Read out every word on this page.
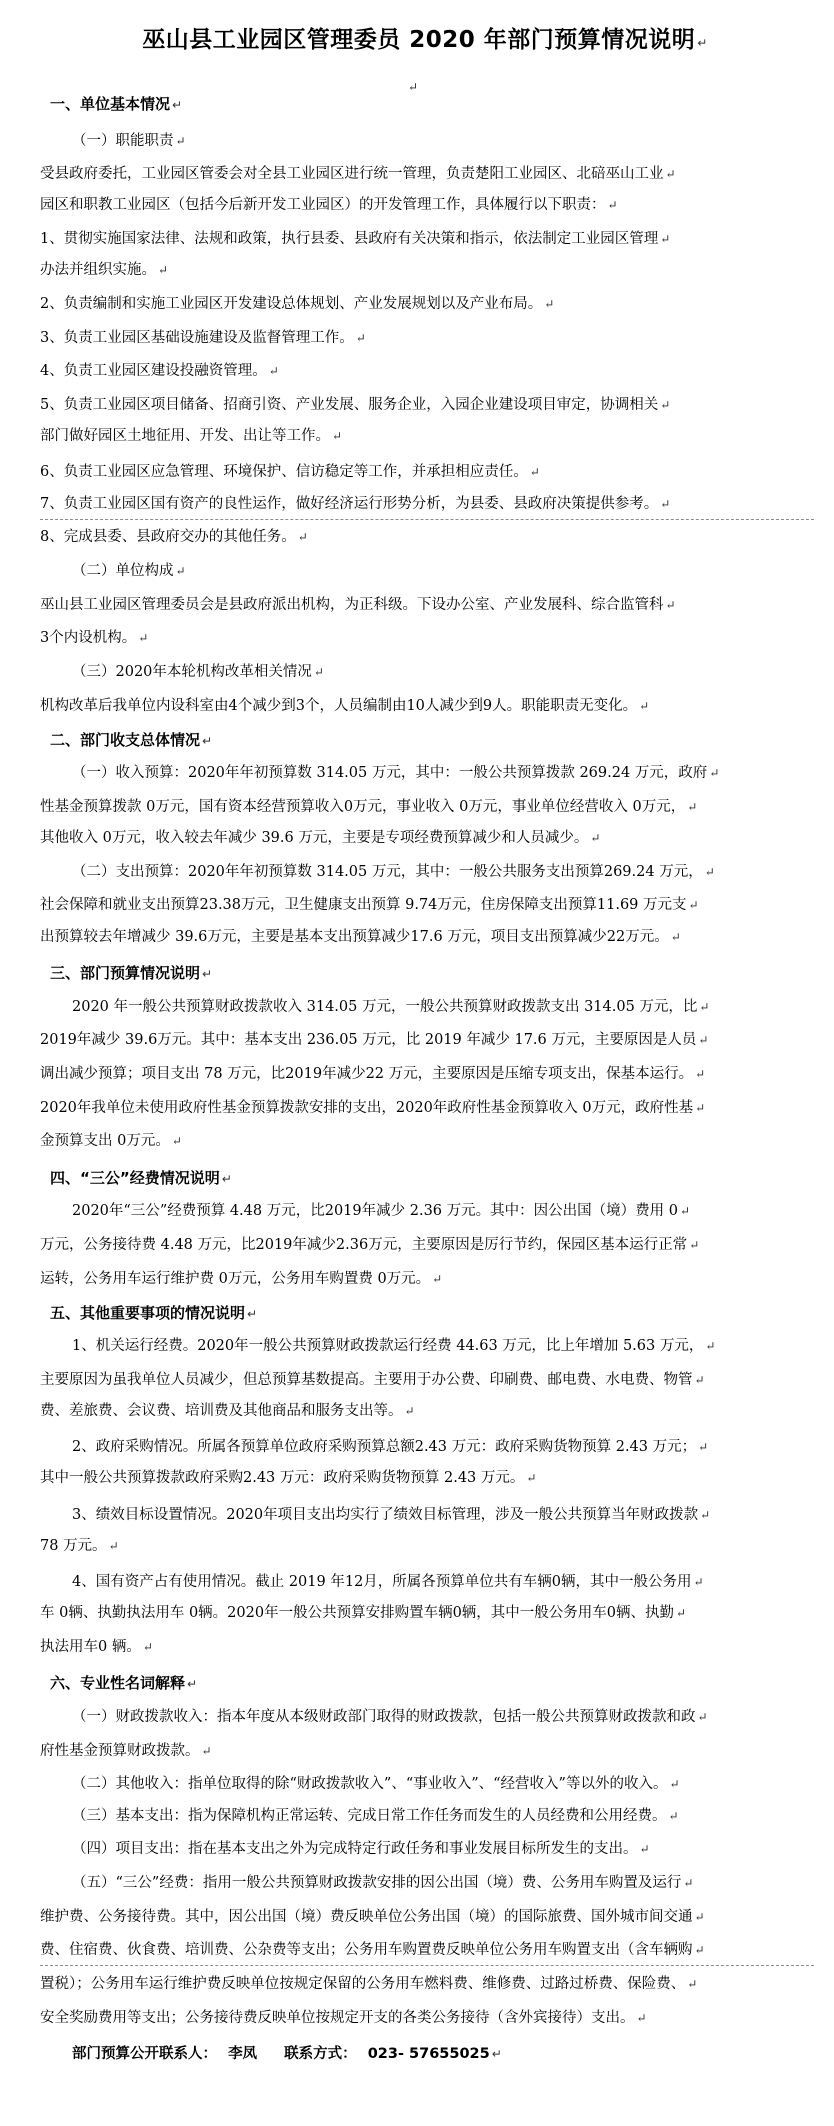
巫山县工业园区管理委员 2020 年部门预算情况说明 ↵
↵
一、单位基本情况 ↵
（一）职能职责 ↵
受县政府委托，工业园区管委会对全县工业园区进行统一管理，负责楚阳工业园区、北碚巫山工业 ↵
园区和职教工业园区（包括今后新开发工业园区）的开发管理工作，具体履行以下职责： ↵
1、贯彻实施国家法律、法规和政策，执行县委、县政府有关决策和指示，依法制定工业园区管理 ↵
办法并组织实施。 ↵
2、负责编制和实施工业园区开发建设总体规划、产业发展规划以及产业布局。 ↵
3、负责工业园区基础设施建设及监督管理工作。 ↵
4、负责工业园区建设投融资管理。 ↵
5、负责工业园区项目储备、招商引资、产业发展、服务企业，入园企业建设项目审定，协调相关 ↵
部门做好园区土地征用、开发、出让等工作。 ↵
6、负责工业园区应急管理、环境保护、信访稳定等工作，并承担相应责任。 ↵
7、负责工业园区国有资产的良性运作，做好经济运行形势分析，为县委、县政府决策提供参考。 ↵
8、完成县委、县政府交办的其他任务。 ↵
（二）单位构成 ↵
巫山县工业园区管理委员会是县政府派出机构，为正科级。下设办公室、产业发展科、综合监管科 ↵
3个内设机构。 ↵
（三）2020年本轮机构改革相关情况 ↵
机构改革后我单位内设科室由4个减少到3个，人员编制由10人减少到9人。职能职责无变化。 ↵
二、部门收支总体情况 ↵
（一）收入预算：2020年年初预算数 314.05 万元，其中：一般公共预算拨款 269.24 万元，政府 ↵
性基金预算拨款 0万元，国有资本经营预算收入0万元，事业收入 0万元，事业单位经营收入 0万元， ↵
其他收入 0万元，收入较去年减少 39.6 万元，主要是专项经费预算减少和人员减少。 ↵
（二）支出预算：2020年年初预算数 314.05 万元，其中：一般公共服务支出预算269.24 万元， ↵
社会保障和就业支出预算23.38万元，卫生健康支出预算 9.74万元，住房保障支出预算11.69 万元支 ↵
出预算较去年增减少 39.6万元，主要是基本支出预算减少17.6 万元，项目支出预算减少22万元。 ↵
三、部门预算情况说明 ↵
2020 年一般公共预算财政拨款收入 314.05 万元，一般公共预算财政拨款支出 314.05 万元，比 ↵
2019年减少 39.6万元。其中：基本支出 236.05 万元，比 2019 年减少 17.6 万元，主要原因是人员 ↵
调出减少预算；项目支出 78 万元，比2019年减少22 万元，主要原因是压缩专项支出，保基本运行。 ↵
2020年我单位未使用政府性基金预算拨款安排的支出，2020年政府性基金预算收入 0万元，政府性基 ↵
金预算支出 0万元。 ↵
四、“三公”经费情况说明 ↵
2020年“三公”经费预算 4.48 万元，比2019年减少 2.36 万元。其中：因公出国（境）费用 0 ↵
万元，公务接待费 4.48 万元，比2019年减少2.36万元，主要原因是厉行节约，保园区基本运行正常 ↵
运转，公务用车运行维护费 0万元，公务用车购置费 0万元。 ↵
五、其他重要事项的情况说明 ↵
1、机关运行经费。2020年一般公共预算财政拨款运行经费 44.63 万元，比上年增加 5.63 万元， ↵
主要原因为虽我单位人员减少，但总预算基数提高。主要用于办公费、印刷费、邮电费、水电费、物管 ↵
费、差旅费、会议费、培训费及其他商品和服务支出等。 ↵
2、政府采购情况。所属各预算单位政府采购预算总额2.43 万元：政府采购货物预算 2.43 万元； ↵
其中一般公共预算拨款政府采购2.43 万元：政府采购货物预算 2.43 万元。 ↵
3、绩效目标设置情况。2020年项目支出均实行了绩效目标管理，涉及一般公共预算当年财政拨款 ↵
78 万元。 ↵
4、国有资产占有使用情况。截止 2019 年12月，所属各预算单位共有车辆0辆，其中一般公务用 ↵
车 0辆、执勤执法用车 0辆。2020年一般公共预算安排购置车辆0辆，其中一般公务用车0辆、执勤 ↵
执法用车0 辆。 ↵
六、专业性名词解释 ↵
（一）财政拨款收入：指本年度从本级财政部门取得的财政拨款，包括一般公共预算财政拨款和政 ↵
府性基金预算财政拨款。 ↵
（二）其他收入：指单位取得的除“财政拨款收入”、“事业收入”、“经营收入”等以外的收入。 ↵
（三）基本支出：指为保障机构正常运转、完成日常工作任务而发生的人员经费和公用经费。 ↵
（四）项目支出：指在基本支出之外为完成特定行政任务和事业发展目标所发生的支出。 ↵
（五）“三公”经费：指用一般公共预算财政拨款安排的因公出国（境）费、公务用车购置及运行 ↵
维护费、公务接待费。其中，因公出国（境）费反映单位公务出国（境）的国际旅费、国外城市间交通 ↵
费、住宿费、伙食费、培训费、公杂费等支出；公务用车购置费反映单位公务用车购置支出（含车辆购 ↵
置税）；公务用车运行维护费反映单位按规定保留的公务用车燃料费、维修费、过路过桥费、保险费、 ↵
安全奖励费用等支出；公务接待费反映单位按规定开支的各类公务接待（含外宾接待）支出。 ↵
部门预算公开联系人： 李凤 联系方式： 023- 57655025 ↵
